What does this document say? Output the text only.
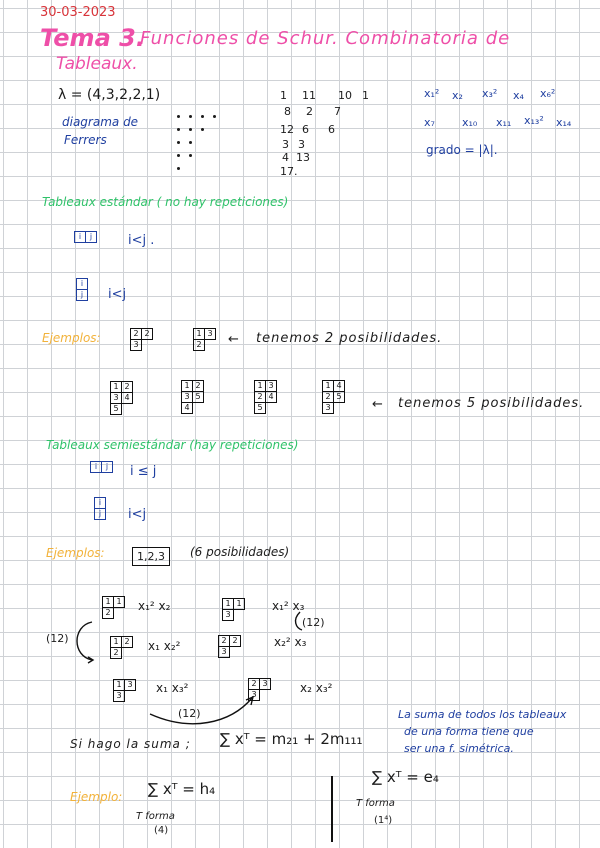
30-03-2023
Tema 3.
Funciones de Schur. Combinatoria de
Tableaux.
λ = (4,3,2,2,1)
diagrama de
Ferrers
1 11 10 1
8 2 7
12 6 6
3 3
4 13
17.
x₁² x₂ x₃² x₄ x₆²
x₇ x₁₀ x₁₁ x₁₃² x₁₄
grado = |λ|.
Tableaux estándar ( no hay repeticiones)
i	j	i<j .
i
j i<j
Ejemplos:	2	2
3	
1	3
2	← tenemos 2 posibilidades.
1	2
3	4
5	
1	2
3	5
4	
1	3
2	4
5	
1	4
2	5
3		← tenemos 5 posibilidades.
Tableaux semiestándar (hay repeticiones)
i	j i ≤ j
i
j i<j
Ejemplos:	1,2,3	(6 posibilidades)
1	1
2	x₁² x₂	1	1
3	
x₁² x₃
(12)
(12)	1	2
2	x₁ x₂²	2	2
3	
x₂² x₃
1	3
3	
x₁ x₃²	2	3
3		x₂ x₃²
(12)
Si hago la suma ; ∑ xᵀ = m₂₁ + 2m₁₁₁
La suma de todos los tableaux
de una forma tiene que
ser una f. simétrica.
Ejemplo: ∑ xᵀ = h₄
T forma
(4)
∑ xᵀ = e₄
T forma
(1⁴)
